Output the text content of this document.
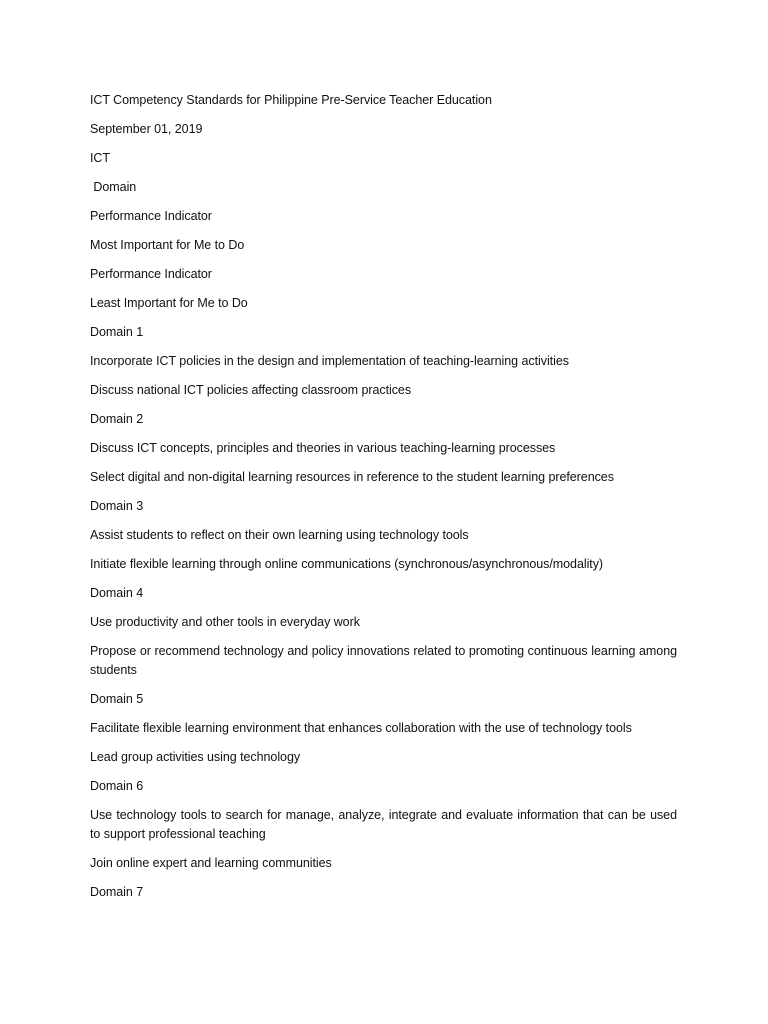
ICT Competency Standards for Philippine Pre-Service Teacher Education

September 01, 2019

ICT

Domain

Performance Indicator

Most Important for Me to Do

Performance Indicator

Least Important for Me to Do

Domain 1

Incorporate ICT policies in the design and implementation of teaching-learning activities

Discuss national ICT policies affecting classroom practices

Domain 2

Discuss ICT concepts, principles and theories in various teaching-learning processes

Select digital and non-digital learning resources in reference to the student learning preferences

Domain 3

Assist students to reflect on their own learning using technology tools

Initiate flexible learning through online communications (synchronous/asynchronous/modality)

Domain 4

Use productivity and other tools in everyday work

Propose or recommend technology and policy innovations related to promoting continuous learning among students

Domain 5

Facilitate flexible learning environment that enhances collaboration with the use of technology tools

Lead group activities using technology

Domain 6

Use technology tools to search for manage, analyze, integrate and evaluate information that can be used to support professional teaching

Join online expert and learning communities

Domain 7
